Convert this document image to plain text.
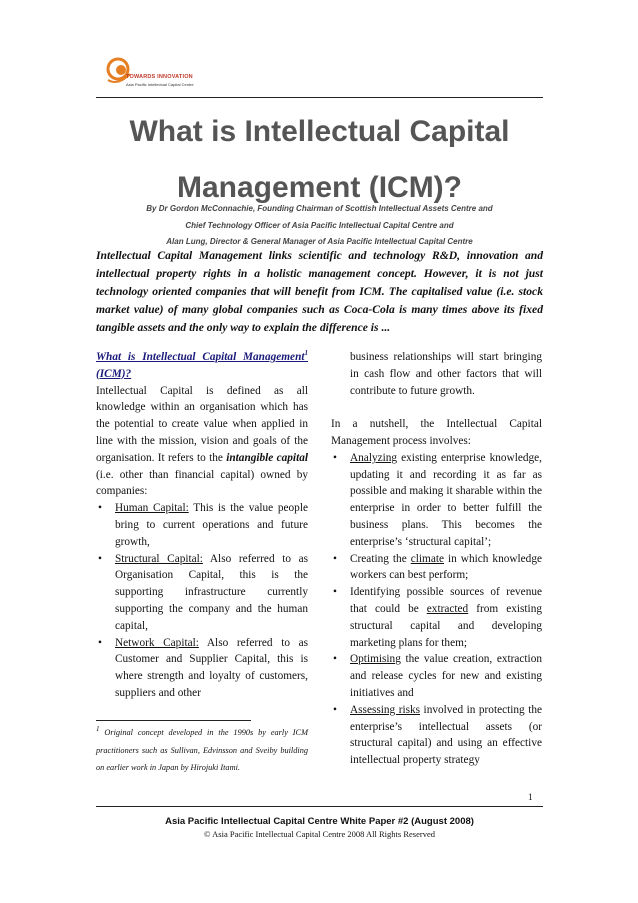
TOWARDS INNOVATION
Asia Pacific Intellectual Capital Centre
What is Intellectual Capital
Management (ICM)?
By Dr Gordon McConnachie, Founding Chairman of Scottish Intellectual Assets Centre and
Chief Technology Officer of Asia Pacific Intellectual Capital Centre and
Alan Lung, Director & General Manager of Asia Pacific Intellectual Capital Centre
Intellectual Capital Management links scientific and technology R&D, innovation and intellectual property rights in a holistic management concept. However, it is not just technology oriented companies that will benefit from ICM. The capitalised value (i.e. stock market value) of many global companies such as Coca-Cola is many times above its fixed tangible assets and the only way to explain the difference is ...

What is Intellectual Capital Management$^1$ (ICM)?

Intellectual Capital is defined as all knowledge within an organisation which has the potential to create value when applied in line with the mission, vision and goals of the organisation. It refers to the intangible capital (i.e. other than financial capital) owned by companies:

• Human Capital: This is the value people bring to current operations and future growth,
• Structural Capital: Also referred to as Organisation Capital, this is the supporting infrastructure currently supporting the company and the human capital,
• Network Capital: Also referred to as Customer and Supplier Capital, this is where strength and loyalty of customers, suppliers and other

business relationships will start bringing in cash flow and other factors that will contribute to future growth.

In a nutshell, the Intellectual Capital Management process involves:

• Analyzing existing enterprise knowledge, updating it and recording it as far as possible and making it sharable within the enterprise in order to better fulfill the business plans. This becomes the enterprise’s ‘structural capital’;
• Creating the climate in which knowledge workers can best perform;
• Identifying possible sources of revenue that could be extracted from existing structural capital and developing marketing plans for them;
• Optimising the value creation, extraction and release cycles for new and existing initiatives and
• Assessing risks involved in protecting the enterprise’s intellectual assets (or structural capital) and using an effective intellectual property strategy
$^1$ Original concept developed in the 1990s by early ICM practitioners such as Sullivan, Edvinsson and Sveiby building on earlier work in Japan by Hirojuki Itami.
1
Asia Pacific Intellectual Capital Centre White Paper #2 (August 2008)
© Asia Pacific Intellectual Capital Centre 2008 All Rights Reserved
